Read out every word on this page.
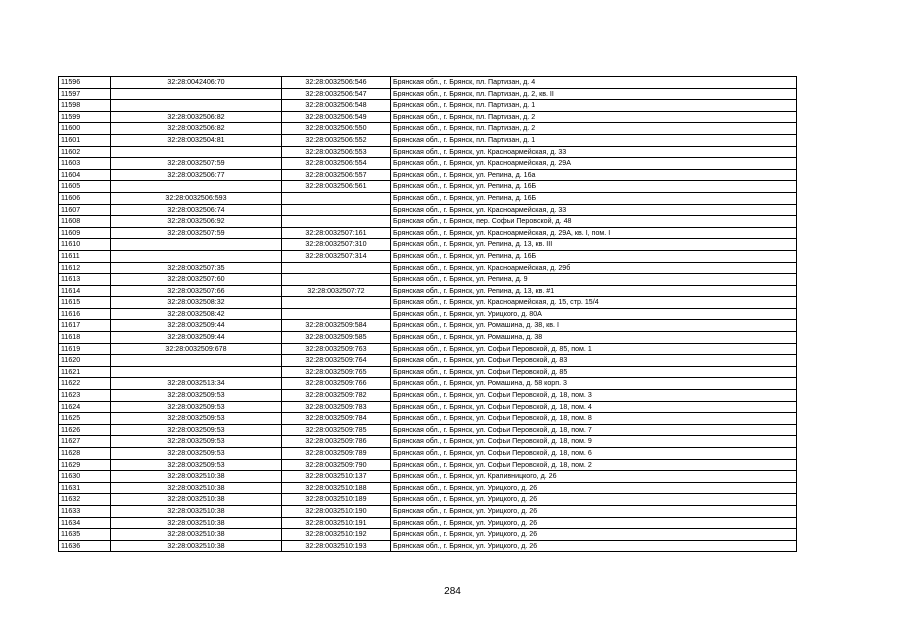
11596	32:28:0042406:70	32:28:0032506:546	Брянская обл., г. Брянск, пл. Партизан, д. 4
11597		32:28:0032506:547	Брянская обл., г. Брянск, пл. Партизан, д. 2, кв. II
11598		32:28:0032506:548	Брянская обл., г. Брянск, пл. Партизан, д. 1
11599	32:28:0032506:82	32:28:0032506:549	Брянская обл., г. Брянск, пл. Партизан, д. 2
11600	32:28:0032506:82	32:28:0032506:550	Брянская обл., г. Брянск, пл. Партизан, д. 2
11601	32:28:0032504:81	32:28:0032506:552	Брянская обл., г. Брянск, пл. Партизан, д. 1
11602		32:28:0032506:553	Брянская обл., г. Брянск, ул. Красноармейская, д. 33
11603	32:28:0032507:59	32:28:0032506:554	Брянская обл., г. Брянск, ул. Красноармейская, д. 29А
11604	32:28:0032506:77	32:28:0032506:557	Брянская обл., г. Брянск, ул. Репина, д. 16а
11605		32:28:0032506:561	Брянская обл., г. Брянск, ул. Репина, д. 16Б
11606	32:28:0032506:593		Брянская обл., г. Брянск, ул. Репина, д. 16Б
11607	32:28:0032506:74		Брянская обл., г. Брянск, ул. Красноармейская, д. 33
11608	32:28:0032506:92		Брянская обл., г. Брянск, пер. Софьи Перовской, д. 48
11609	32:28:0032507:59	32:28:0032507:161	Брянская обл., г. Брянск, ул. Красноармейская, д. 29А, кв. I, пом. I
11610		32:28:0032507:310	Брянская обл., г. Брянск, ул. Репина, д. 13, кв. III
11611		32:28:0032507:314	Брянская обл., г. Брянск, ул. Репина, д. 16Б
11612	32:28:0032507:35		Брянская обл., г. Брянск, ул. Красноармейская, д. 29б
11613	32:28:0032507:60		Брянская обл., г. Брянск, ул. Репина, д. 9
11614	32:28:0032507:66	32:28:0032507:72	Брянская обл., г. Брянск, ул. Репина, д. 13, кв. #1
11615	32:28:0032508:32		Брянская обл., г. Брянск, ул. Красноармейская, д. 15, стр. 15/4
11616	32:28:0032508:42		Брянская обл., г. Брянск, ул. Урицкого, д. 80А
11617	32:28:0032509:44	32:28:0032509:584	Брянская обл., г. Брянск, ул. Ромашина, д. 38, кв. I
11618	32:28:0032509:44	32:28:0032509:585	Брянская обл., г. Брянск, ул. Ромашина, д. 38
11619	32:28:0032509:678	32:28:0032509:763	Брянская обл., г. Брянск, ул. Софьи Перовской, д. 85, пом. 1
11620		32:28:0032509:764	Брянская обл., г. Брянск, ул. Софьи Перовской, д. 83
11621		32:28:0032509:765	Брянская обл., г. Брянск, ул. Софьи Перовской, д. 85
11622	32:28:0032513:34	32:28:0032509:766	Брянская обл., г. Брянск, ул. Ромашина, д. 58 корп. 3
11623	32:28:0032509:53	32:28:0032509:782	Брянская обл., г. Брянск, ул. Софьи Перовской, д. 18, пом. 3
11624	32:28:0032509:53	32:28:0032509:783	Брянская обл., г. Брянск, ул. Софьи Перовской, д. 18, пом. 4
11625	32:28:0032509:53	32:28:0032509:784	Брянская обл., г. Брянск, ул. Софьи Перовской, д. 18, пом. 8
11626	32:28:0032509:53	32:28:0032509:785	Брянская обл., г. Брянск, ул. Софьи Перовской, д. 18, пом. 7
11627	32:28:0032509:53	32:28:0032509:786	Брянская обл., г. Брянск, ул. Софьи Перовской, д. 18, пом. 9
11628	32:28:0032509:53	32:28:0032509:789	Брянская обл., г. Брянск, ул. Софьи Перовской, д. 18, пом. 6
11629	32:28:0032509:53	32:28:0032509:790	Брянская обл., г. Брянск, ул. Софьи Перовской, д. 18, пом. 2
11630	32:28:0032510:38	32:28:0032510:137	Брянская обл., г. Брянск, ул. Крапивницкого, д. 26
11631	32:28:0032510:38	32:28:0032510:188	Брянская обл., г. Брянск, ул. Урицкого, д. 26
11632	32:28:0032510:38	32:28:0032510:189	Брянская обл., г. Брянск, ул. Урицкого, д. 26
11633	32:28:0032510:38	32:28:0032510:190	Брянская обл., г. Брянск, ул. Урицкого, д. 26
11634	32:28:0032510:38	32:28:0032510:191	Брянская обл., г. Брянск, ул. Урицкого, д. 26
11635	32:28:0032510:38	32:28:0032510:192	Брянская обл., г. Брянск, ул. Урицкого, д. 26
11636	32:28:0032510:38	32:28:0032510:193	Брянская обл., г. Брянск, ул. Урицкого, д. 26
284
